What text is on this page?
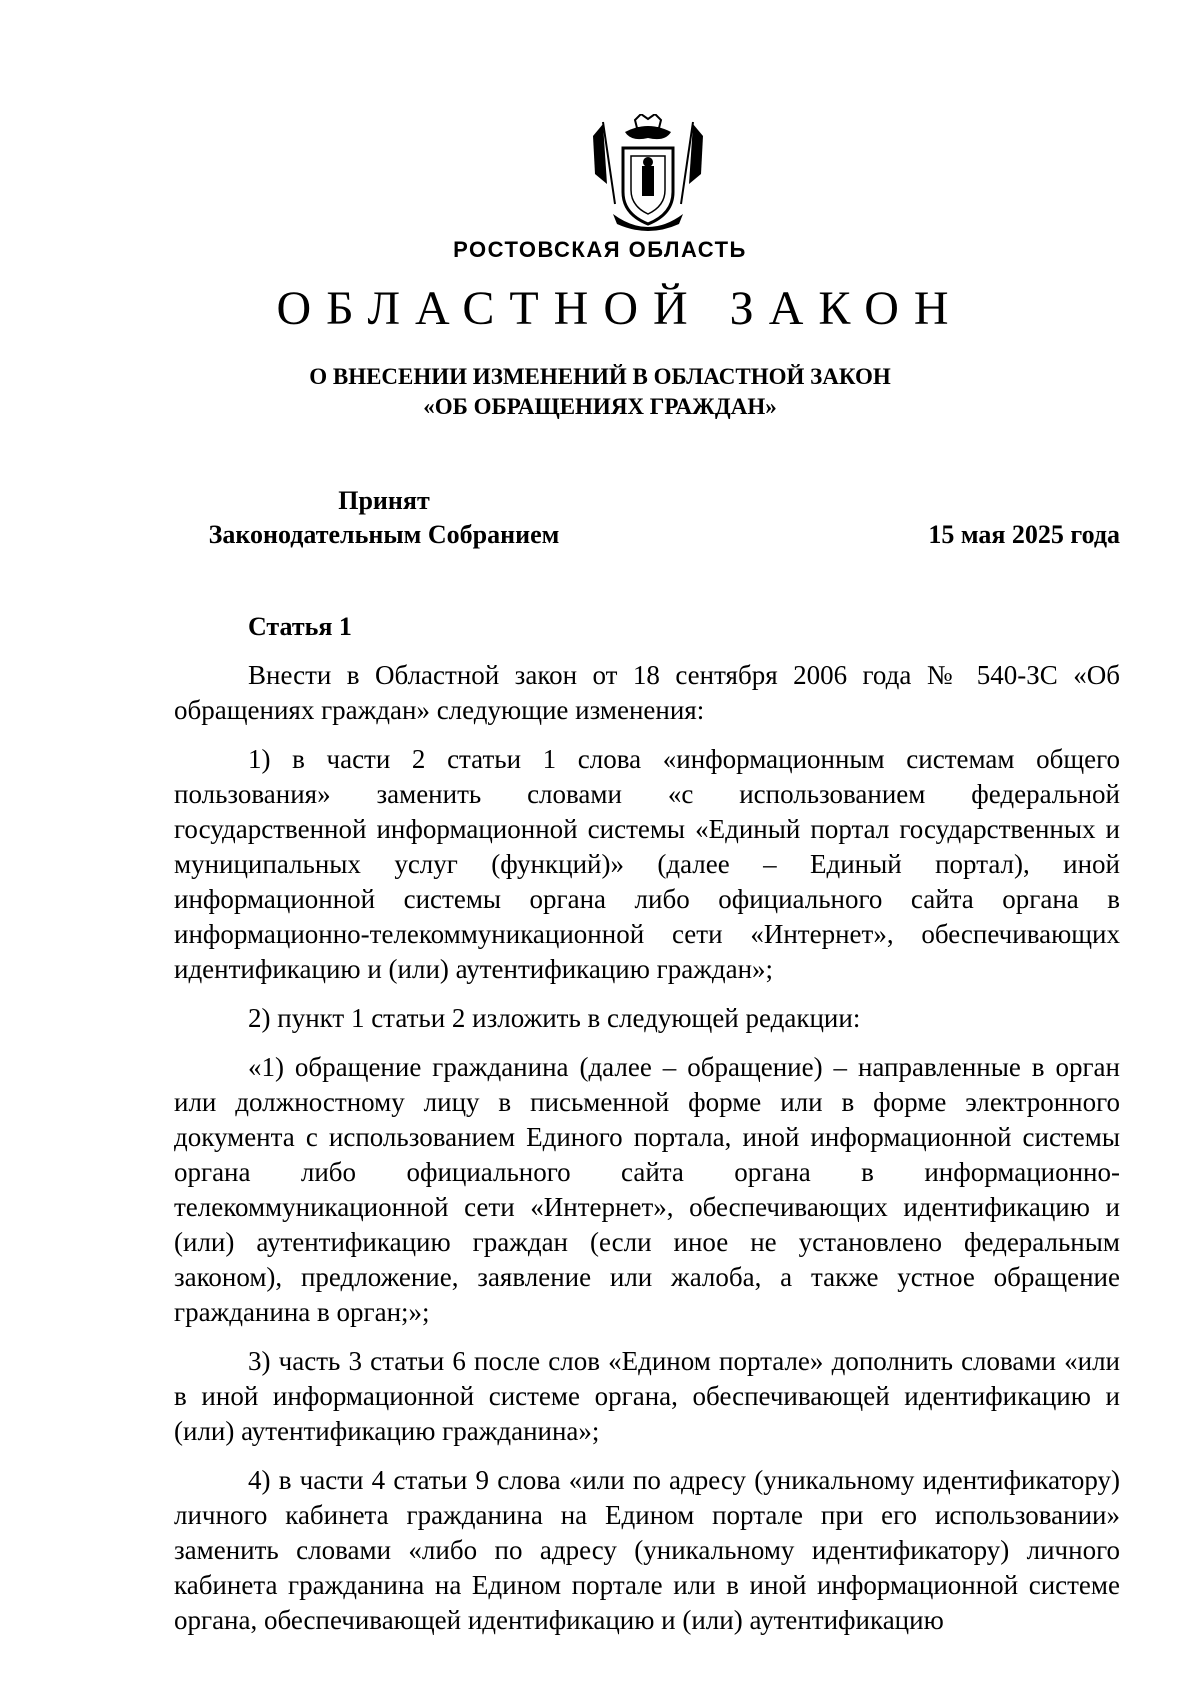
РОСТОВСКАЯ ОБЛАСТЬ
ОБЛАСТНОЙ ЗАКОН
О ВНЕСЕНИИ ИЗМЕНЕНИЙ В ОБЛАСТНОЙ ЗАКОН
«ОБ ОБРАЩЕНИЯХ ГРАЖДАН»
Принят
Законодательным Собранием	15 мая 2025 года
Статья 1

Внести в Областной закон от 18 сентября 2006 года № 540-ЗС «Об обращениях граждан» следующие изменения:

1) в части 2 статьи 1 слова «информационным системам общего пользования» заменить словами «с использованием федеральной государственной информационной системы «Единый портал государственных и муниципальных услуг (функций)» (далее – Единый портал), иной информационной системы органа либо официального сайта органа в информационно-телекоммуникационной сети «Интернет», обеспечивающих идентификацию и (или) аутентификацию граждан»;

2) пункт 1 статьи 2 изложить в следующей редакции:

«1) обращение гражданина (далее – обращение) – направленные в орган или должностному лицу в письменной форме или в форме электронного документа с использованием Единого портала, иной информационной системы органа либо официального сайта органа в информационно-телекоммуникационной сети «Интернет», обеспечивающих идентификацию и (или) аутентификацию граждан (если иное не установлено федеральным законом), предложение, заявление или жалоба, а также устное обращение гражданина в орган;»;

3) часть 3 статьи 6 после слов «Едином портале» дополнить словами «или в иной информационной системе органа, обеспечивающей идентификацию и (или) аутентификацию гражданина»;

4) в части 4 статьи 9 слова «или по адресу (уникальному идентификатору) личного кабинета гражданина на Едином портале при его использовании» заменить словами «либо по адресу (уникальному идентификатору) личного кабинета гражданина на Едином портале или в иной информационной системе органа, обеспечивающей идентификацию и (или) аутентификацию
